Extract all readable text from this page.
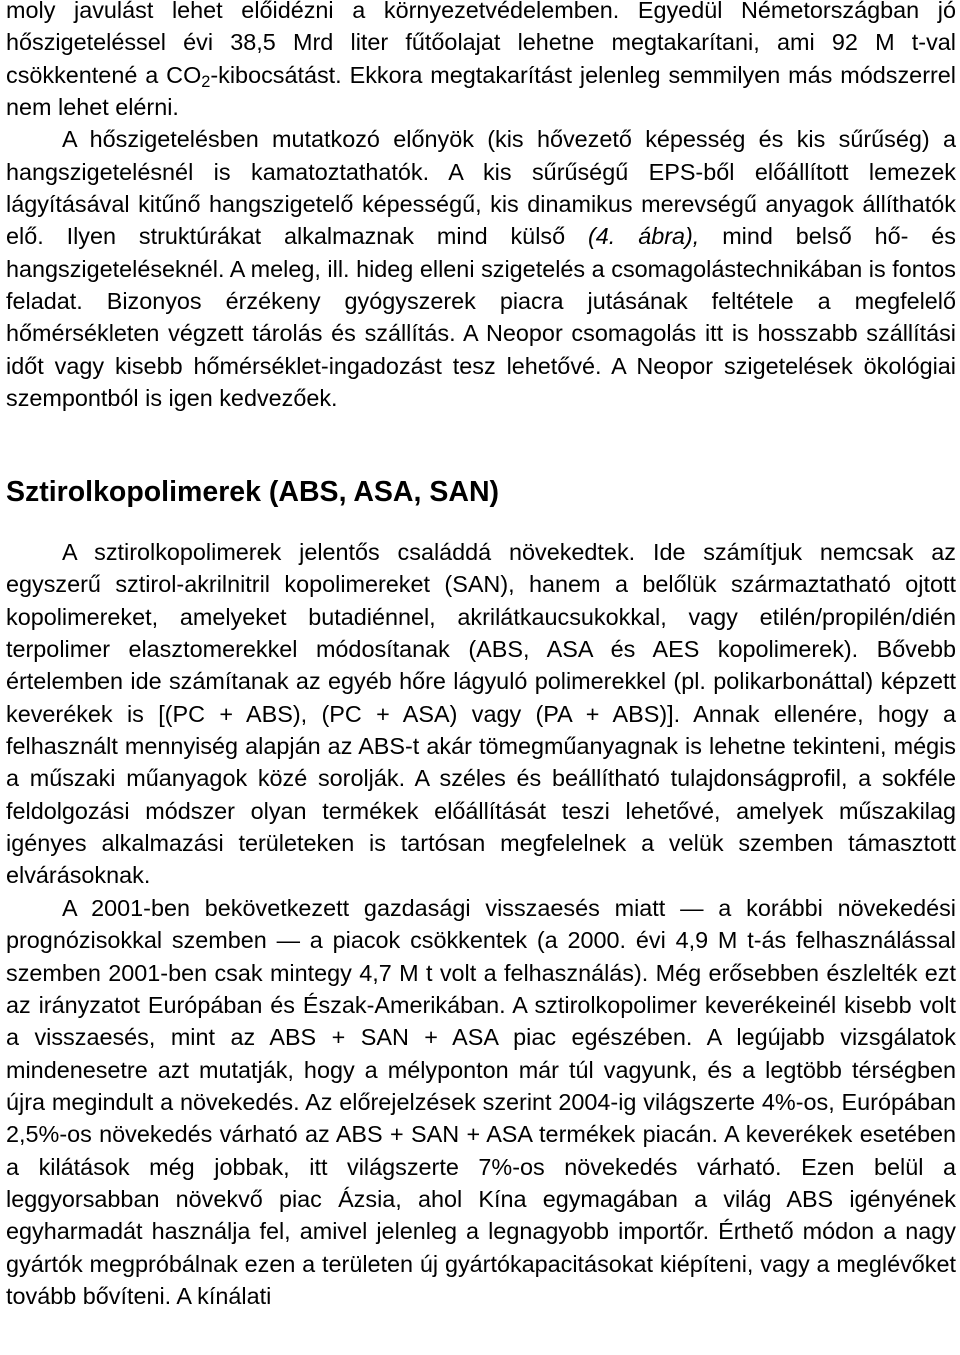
moly javulást lehet előidézni a környezetvédelemben. Egyedül Németországban jó hőszigeteléssel évi 38,5 Mrd liter fűtőolajat lehetne megtakarítani, ami 92 M t-val csökkentené a $CO_2$-kibocsátást. Ekkora megtakarítást jelenleg semmilyen más módszerrel nem lehet elérni.
A hőszigetelésben mutatkozó előnyök (kis hővezető képesség és kis sűrűség) a hangszigetelésnél is kamatoztathatók. A kis sűrűségű EPS-ből előállított lemezek lágyításával kitűnő hangszigetelő képességű, kis dinamikus merevségű anyagok állíthatók elő. Ilyen struktúrákat alkalmaznak mind külső (4. ábra), mind belső hő- és hangszigeteléseknél. A meleg, ill. hideg elleni szigetelés a csomagolástechnikában is fontos feladat. Bizonyos érzékeny gyógyszerek piacra jutásának feltétele a megfelelő hőmérsékleten végzett tárolás és szállítás. A Neopor csomagolás itt is hosszabb szállítási időt vagy kisebb hőmérséklet-ingadozást tesz lehetővé. A Neopor szigetelések ökológiai szempontból is igen kedvezőek.

Sztirolkopolimerek (ABS, ASA, SAN)

A sztirolkopolimerek jelentős családdá növekedtek. Ide számítjuk nemcsak az egyszerű sztirol-akrilnitril kopolimereket (SAN), hanem a belőlük származtatható ojtott kopolimereket, amelyeket butadiénnel, akrilátkaucsukokkal, vagy etilén/propilén/dién terpolimer elasztomerekkel módosítanak (ABS, ASA és AES kopolimerek). Bővebb értelemben ide számítanak az egyéb hőre lágyuló polimerekkel (pl. polikarbonáttal) képzett keverékek is [(PC + ABS), (PC + ASA) vagy (PA + ABS)]. Annak ellenére, hogy a felhasznált mennyiség alapján az ABS-t akár tömegműanyagnak is lehetne tekinteni, mégis a műszaki műanyagok közé sorolják. A széles és beállítható tulajdonságprofil, a sokféle feldolgozási módszer olyan termékek előállítását teszi lehetővé, amelyek műszakilag igényes alkalmazási területeken is tartósan megfelelnek a velük szemben támasztott elvárásoknak.

A 2001-ben bekövetkezett gazdasági visszaesés miatt — a korábbi növekedési prognózisokkal szemben — a piacok csökkentek (a 2000. évi 4,9 M t-ás felhasználással szemben 2001-ben csak mintegy 4,7 M t volt a felhasználás). Még erősebben észlelték ezt az irányzatot Európában és Észak-Amerikában. A sztirolkopolimer keverékeinél kisebb volt a visszaesés, mint az ABS + SAN + ASA piac egészében. A legújabb vizsgálatok mindenesetre azt mutatják, hogy a mélyponton már túl vagyunk, és a legtöbb térségben újra megindult a növekedés. Az előrejelzések szerint 2004-ig világszerte 4%-os, Európában 2,5%-os növekedés várható az ABS + SAN + ASA termékek piacán. A keverékek esetében a kilátások még jobbak, itt világszerte 7%-os növekedés várható. Ezen belül a leggyorsabban növekvő piac Ázsia, ahol Kína egymagában a világ ABS igényének egyharmadát használja fel, amivel jelenleg a legnagyobb importőr. Érthető módon a nagy gyártók megpróbálnak ezen a területen új gyártókapacitásokat kiépíteni, vagy a meglévőket tovább bővíteni. A kínálati
